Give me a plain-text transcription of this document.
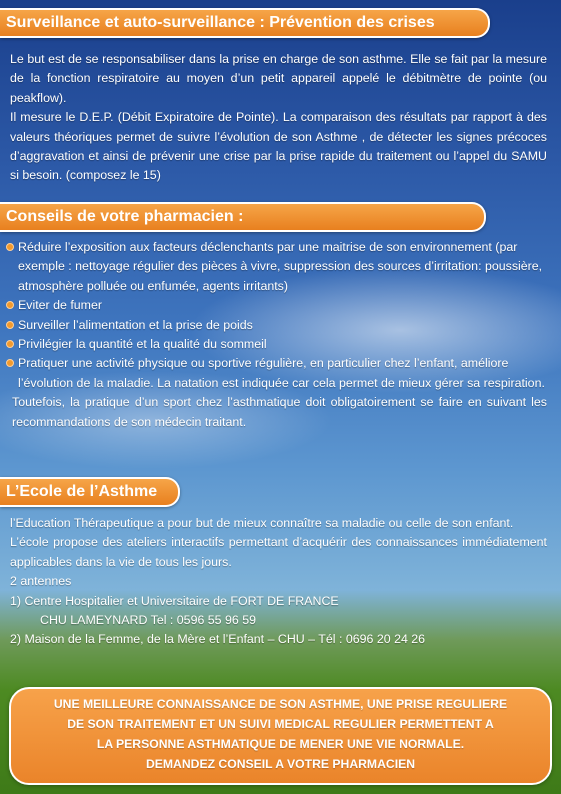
Surveillance et auto-surveillance : Prévention des crises

Le but est de se responsabiliser dans la prise en charge de son asthme. Elle se fait par la mesure de la fonction respiratoire au moyen d’un petit appareil appelé le débitmètre de pointe (ou peakflow).

Il mesure le D.E.P. (Débit Expiratoire de Pointe). La comparaison des résultats par rapport à des valeurs théoriques permet de suivre l’évolution de son Asthme , de détecter les signes précoces d’aggravation et ainsi de prévenir une crise par la prise rapide du traitement ou l’appel du SAMU si besoin. (composez le 15)

Conseils de votre pharmacien :
Réduire l’exposition aux facteurs déclenchants par une maitrise de son environnement (par exemple : nettoyage régulier des pièces à vivre, suppression des sources d’irritation: poussière, atmosphère polluée ou enfumée, agents irritants)
Eviter de fumer
Surveiller l’alimentation et la prise de poids
Privilégier la quantité et la qualité du sommeil
Pratiquer une activité physique ou sportive régulière, en particulier chez l’enfant, améliore l’évolution de la maladie. La natation est indiquée car cela permet de mieux gérer sa respiration.

Toutefois, la pratique d’un sport chez l’asthmatique doit obligatoirement se faire en suivant les recommandations de son médecin traitant.

L’Ecole de l’Asthme

l’Education Thérapeutique a pour but de mieux connaître sa maladie ou celle de son enfant.

L’école propose des ateliers interactifs permettant d’acquérir des connaissances immédiatement applicables dans la vie de tous les jours.

2 antennes

1) Centre Hospitalier et Universitaire de FORT DE FRANCE

CHU LAMEYNARD Tel : 0596 55 96 59

2) Maison de la Femme, de la Mère et l’Enfant – CHU – Tél : 0696 20 24 26

UNE MEILLEURE CONNAISSANCE DE SON ASTHME, UNE PRISE REGULIERE
DE SON TRAITEMENT ET UN SUIVI MEDICAL REGULIER PERMETTENT A
LA PERSONNE ASTHMATIQUE DE MENER UNE VIE NORMALE.
DEMANDEZ CONSEIL A VOTRE PHARMACIEN
